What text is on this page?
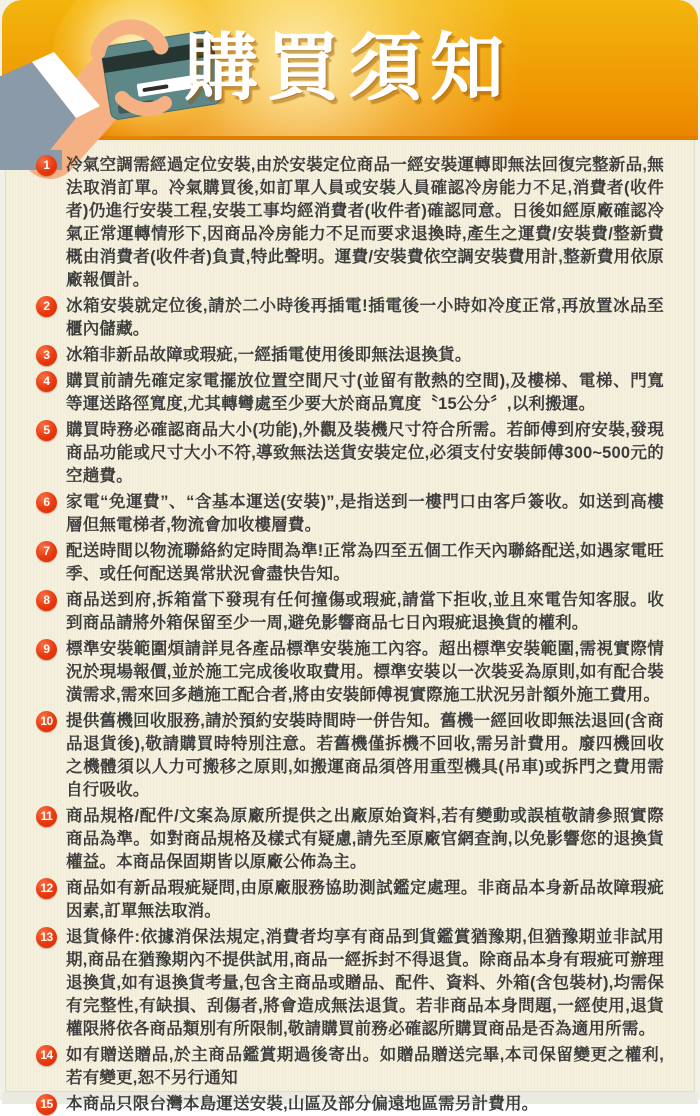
購買須知
1 冷氣空調需經過定位安裝,由於安裝定位商品一經安裝運轉即無法回復完整新品,無法取消訂單。冷氣購買後,如訂單人員或安裝人員確認冷房能力不足,消費者(收件者)仍進行安裝工程,安裝工事均經消費者(收件者)確認同意。日後如經原廠確認冷氣正常運轉情形下,因商品冷房能力不足而要求退換時,產生之運費/安裝費/整新費概由消費者(收件者)負責,特此聲明。運費/安裝費依空調安裝費用計,整新費用依原廠報價計。
2 冰箱安裝就定位後,請於二小時後再插電!插電後一小時如冷度正常,再放置冰品至櫃內儲藏。
3 冰箱非新品故障或瑕疵,一經插電使用後即無法退換貨。
4 購買前請先確定家電擺放位置空間尺寸(並留有散熱的空間),及樓梯、電梯、門寬等運送路徑寬度,尤其轉彎處至少要大於商品寬度〝15公分〞,以利搬運。
5 購買時務必確認商品大小(功能),外觀及裝機尺寸符合所需。若師傅到府安裝,發現商品功能或尺寸大小不符,導致無法送貨安裝定位,必須支付安裝師傅300~500元的空趟費。
6 家電“免運費”、“含基本運送(安裝)”,是指送到一樓門口由客戶簽收。如送到高樓層但無電梯者,物流會加收樓層費。
7 配送時間以物流聯絡約定時間為準!正常為四至五個工作天內聯絡配送,如遇家電旺季、或任何配送異常狀況會盡快告知。
8 商品送到府,拆箱當下發現有任何撞傷或瑕疵,請當下拒收,並且來電告知客服。收到商品請將外箱保留至少一周,避免影響商品七日內瑕疵退換貨的權利。
9 標準安裝範圍煩請詳見各產品標準安裝施工內容。超出標準安裝範圍,需視實際情況於現場報價,並於施工完成後收取費用。標準安裝以一次裝妥為原則,如有配合裝潢需求,需來回多趟施工配合者,將由安裝師傅視實際施工狀況另計額外施工費用。
10 提供舊機回收服務,請於預約安裝時間時一併告知。舊機一經回收即無法退回(含商品退貨後),敬請購買時特別注意。若舊機僅拆機不回收,需另計費用。廢四機回收之機體須以人力可搬移之原則,如搬運商品須啓用重型機具(吊車)或拆門之費用需自行吸收。
11 商品規格/配件/文案為原廠所提供之出廠原始資料,若有變動或誤植敬請參照實際商品為準。如對商品規格及樣式有疑慮,請先至原廠官網查詢,以免影響您的退換貨權益。本商品保固期皆以原廠公佈為主。
12 商品如有新品瑕疵疑問,由原廠服務協助測試鑑定處理。非商品本身新品故障瑕疵因素,訂單無法取消。
13 退貨條件:依據消保法規定,消費者均享有商品到貨鑑賞猶豫期,但猶豫期並非試用期,商品在猶豫期內不提供試用,商品一經拆封不得退貨。除商品本身有瑕疵可辦理退換貨,如有退換貨考量,包含主商品或贈品、配件、資料、外箱(含包裝材),均需保有完整性,有缺損、刮傷者,將會造成無法退貨。若非商品本身問題,一經使用,退貨權限將依各商品類別有所限制,敬請購買前務必確認所購買商品是否為適用所需。
14 如有贈送贈品,於主商品鑑賞期過後寄出。如贈品贈送完畢,本司保留變更之權利,若有變更,恕不另行通知
15 本商品只限台灣本島運送安裝,山區及部分偏遠地區需另計費用。
